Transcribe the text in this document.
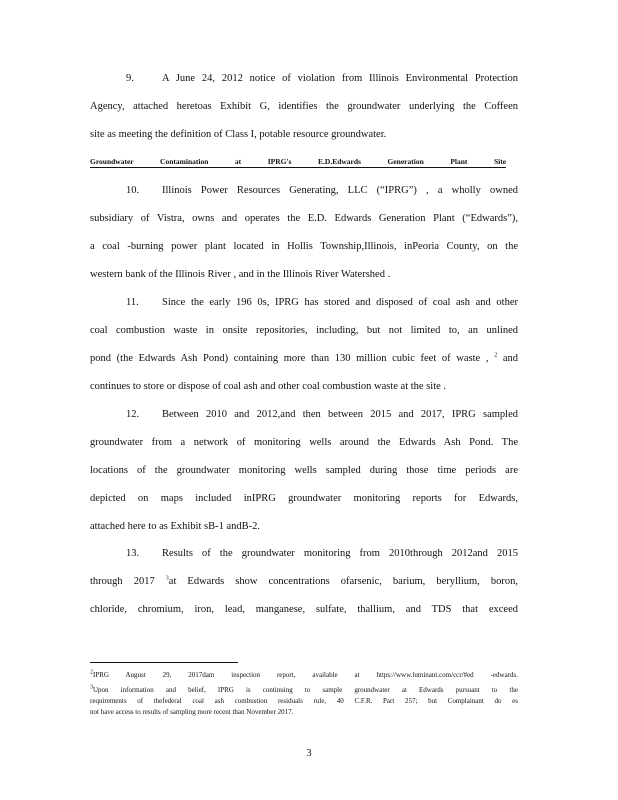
9.	A June 24, 2012 notice of violation from Illinois Environmental Protection
Agency, attached heretoas Exhibit G, identifies the groundwater underlying the Coffeen
site as meeting the definition of Class I, potable resource groundwater.
Groundwater	Contamination	at	IPRG's	E.D.Edwards	Generation	Plant	Site
10. Illinois Power Resources Generating, LLC (“IPRG”) , a wholly owned
subsidiary of Vistra, owns and operates the E.D. Edwards Generation Plant (“Edwards”),
a coal -burning power plant located in Hollis Township,Illinois, inPeoria County, on the
western bank of the Illinois River , and in the Illinois River Watershed .
11. Since the early 196 0s, IPRG has stored and disposed of coal ash and other
coal combustion waste in onsite repositories, including, but not limited to, an unlined
pond (the Edwards Ash Pond) containing more than 130 million cubic feet of waste , $^2$ and
continues to store or dispose of coal ash and other coal combustion waste at the site .
12. Between 2010 and 2012,and then between 2015 and 2017, IPRG sampled
groundwater from a network of monitoring wells around the Edwards Ash Pond. The
locations of the groundwater monitoring wells sampled during those time periods are
depicted on maps included inIPRG groundwater monitoring reports for Edwards,
attached here to as Exhibit sB-1 andB-2.
13. Results of the groundwater monitoring from 2010through 2012and 2015
through 2017 $^3$at Edwards show concentrations ofarsenic, barium, beryllium, boron,
chloride, chromium, iron, lead, manganese, sulfate, thallium, and TDS that exceed
$^2$IPRG August 29, 2017dam inspection report, available at https://www.luminant.com/ccr/#ed -edwards.
$^3$Upon information and belief, IPRG is continuing to sample groundwater at Edwards pursuant to the
requirements of thefederal coal ash combustion residuals rule, 40 C.F.R. Part 257; but Complainant do es
not have access to results of sampling more recent than November 2017.
3
